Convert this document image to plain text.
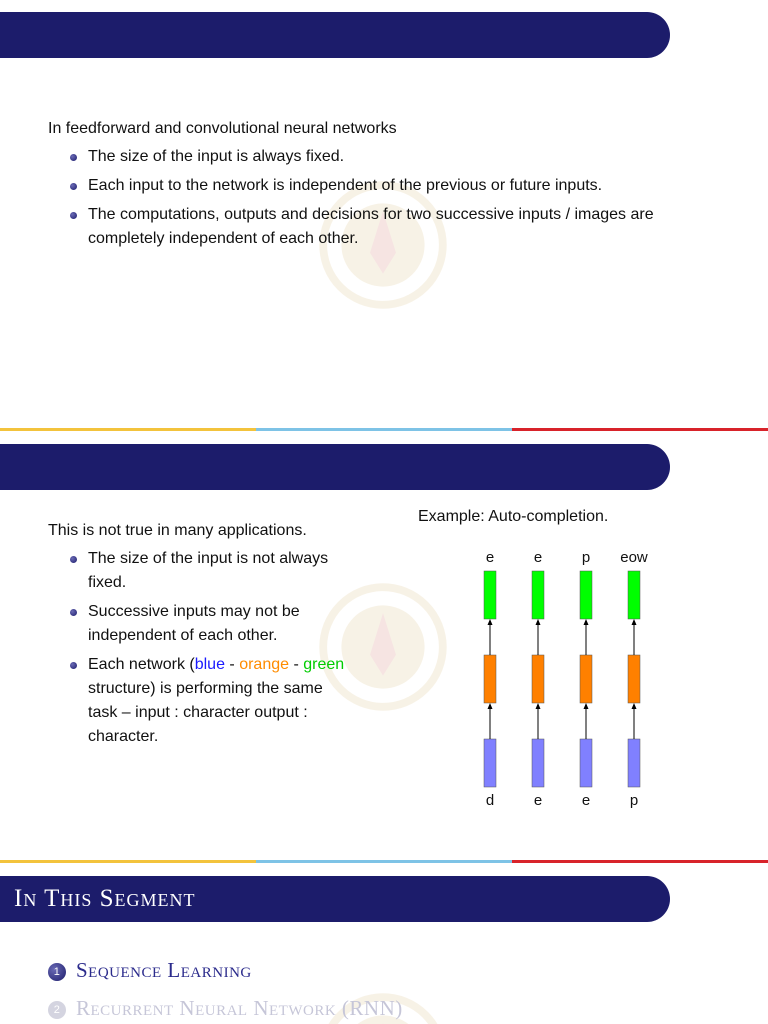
In feedforward and convolutional neural networks
The size of the input is always fixed.
Each input to the network is independent of the previous or future inputs.
The computations, outputs and decisions for two successive inputs / images are completely independent of each other.
This is not true in many applications.
The size of the input is not always fixed.
Successive inputs may not be independent of each other.
Each network (blue - orange - green structure) is performing the same task – input : character output : character.
Example: Auto-completion.
e
d
e
e
p
e
eow
p
In This Segment
1 Sequence Learning
2 Recurrent Neural Network (RNN)
